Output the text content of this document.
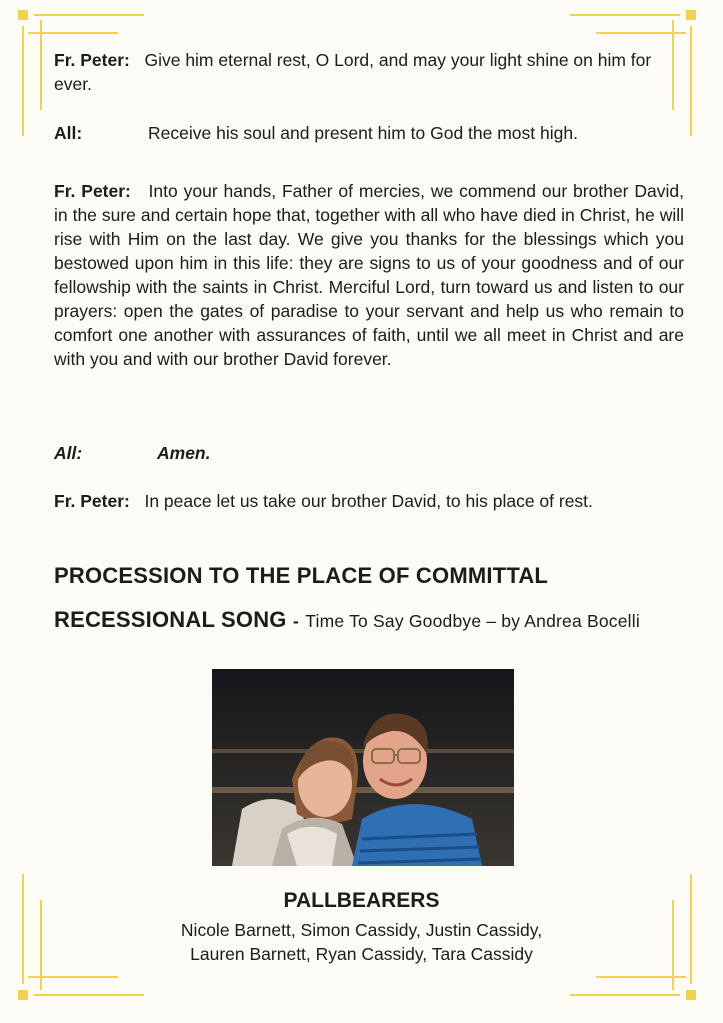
Fr. Peter: Give him eternal rest, O Lord, and may your light shine on him for ever.
All:	Receive his soul and present him to God the most high.
Fr. Peter: Into your hands, Father of mercies, we commend our brother David, in the sure and certain hope that, together with all who have died in Christ, he will rise with Him on the last day. We give you thanks for the blessings which you bestowed upon him in this life: they are signs to us of your goodness and of our fellowship with the saints in Christ. Merciful Lord, turn toward us and listen to our prayers: open the gates of paradise to your servant and help us who remain to comfort one another with assurances of faith, until we all meet in Christ and are with you and with our brother David forever.
All:	Amen.
Fr. Peter: In peace let us take our brother David, to his place of rest.
PROCESSION TO THE PLACE OF COMMITTAL
RECESSIONAL SONG - Time To Say Goodbye – by Andrea Bocelli
PALLBEARERS
Nicole Barnett, Simon Cassidy, Justin Cassidy,
Lauren Barnett, Ryan Cassidy, Tara Cassidy
